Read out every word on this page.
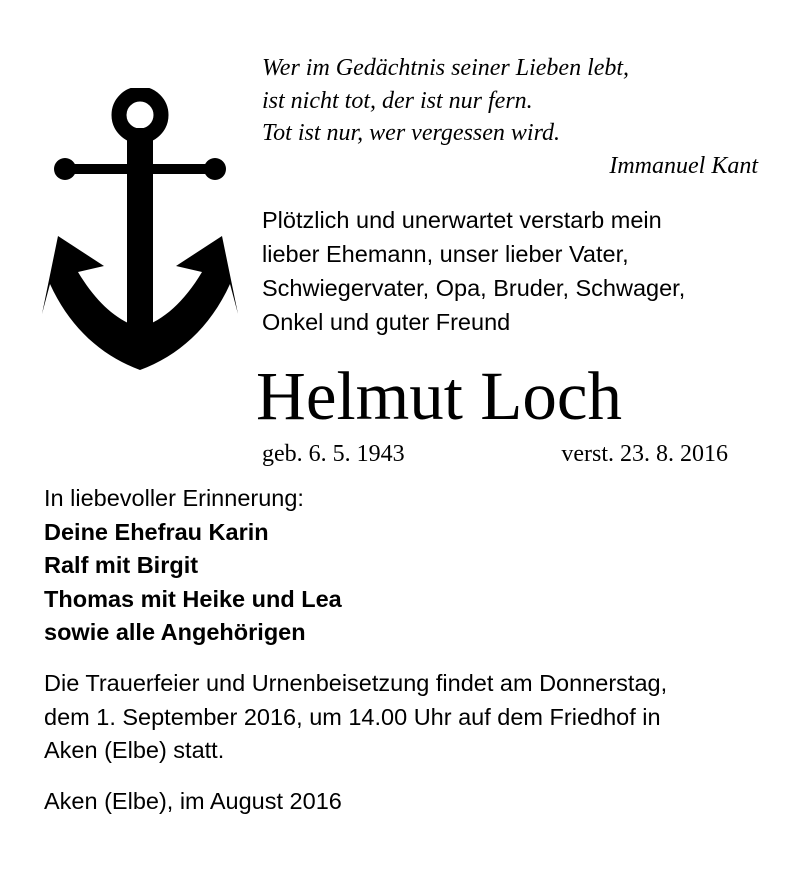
Wer im Gedächtnis seiner Lieben lebt,
ist nicht tot, der ist nur fern.
Tot ist nur, wer vergessen wird.
Immanuel Kant
Plötzlich und unerwartet verstarb mein
lieber Ehemann, unser lieber Vater,
Schwiegervater, Opa, Bruder, Schwager,
Onkel und guter Freund
Helmut Loch
geb. 6. 5. 1943	verst. 23. 8. 2016
In liebevoller Erinnerung:
Deine Ehefrau Karin
Ralf mit Birgit
Thomas mit Heike und Lea
sowie alle Angehörigen
Die Trauerfeier und Urnenbeisetzung findet am Donnerstag,
dem 1. September 2016, um 14.00 Uhr auf dem Friedhof in
Aken (Elbe) statt.
Aken (Elbe), im August 2016
